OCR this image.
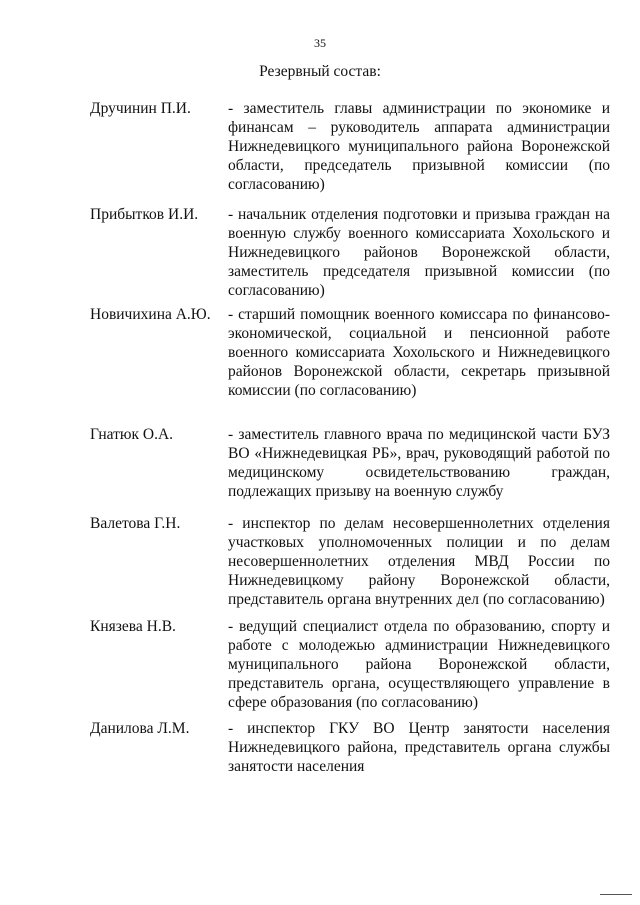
35
Резервный состав:
Дручинин П.И.	- заместитель главы администрации по экономике и финансам – руководитель аппарата администрации Нижнедевицкого муниципального района Воронежской области, председатель призывной комиссии (по согласованию)
Прибытков И.И.	- начальник отделения подготовки и призыва граждан на военную службу военного комиссариата Хохольского и Нижнедевицкого районов Воронежской области, заместитель председателя призывной комиссии (по согласованию)
Новичихина А.Ю.	- старший помощник военного комиссара по финансово-экономической, социальной и пенсионной работе военного комиссариата Хохольского и Нижнедевицкого районов Воронежской области, секретарь призывной комиссии (по согласованию)
Гнатюк О.А.	- заместитель главного врача по медицинской части БУЗ ВО «Нижнедевицкая РБ», врач, руководящий работой по медицинскому освидетельствованию граждан, подлежащих призыву на военную службу
Валетова Г.Н.	- инспектор по делам несовершеннолетних отделения участковых уполномоченных полиции и по делам несовершеннолетних отделения МВД России по Нижнедевицкому району Воронежской области, представитель органа внутренних дел (по согласованию)
Князева Н.В.	- ведущий специалист отдела по образованию, спорту и работе с молодежью администрации Нижнедевицкого муниципального района Воронежской области, представитель органа, осуществляющего управление в сфере образования (по согласованию)
Данилова Л.М.	- инспектор ГКУ ВО Центр занятости населения Нижнедевицкого района, представитель органа службы занятости населения
